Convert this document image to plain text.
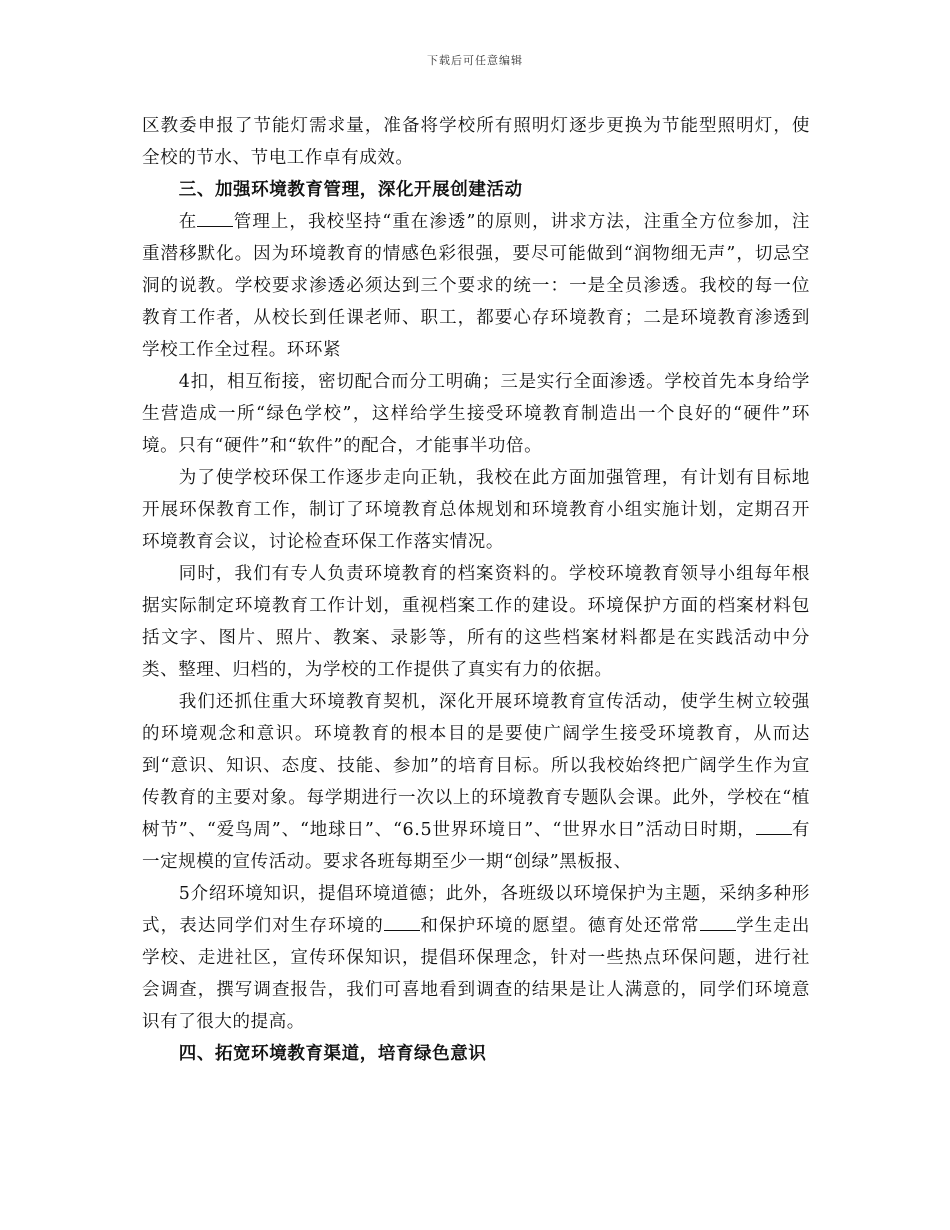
下载后可任意编辑

区教委申报了节能灯需求量，准备将学校所有照明灯逐步更换为节能型照明灯，使全校的节水、节电工作卓有成效。

三、加强环境教育管理，深化开展创建活动

在 管理上，我校坚持“重在渗透”的原则，讲求方法，注重全方位参加，注重潜移默化。因为环境教育的情感色彩很强，要尽可能做到“润物细无声”，切忌空洞的说教。学校要求渗透必须达到三个要求的统一：一是全员渗透。我校的每一位教育工作者，从校长到任课老师、职工，都要心存环境教育；二是环境教育渗透到学校工作全过程。环环紧

4扣，相互衔接，密切配合而分工明确；三是实行全面渗透。学校首先本身给学生营造成一所“绿色学校”，这样给学生接受环境教育制造出一个良好的“硬件”环境。只有“硬件”和“软件”的配合，才能事半功倍。

为了使学校环保工作逐步走向正轨，我校在此方面加强管理，有计划有目标地开展环保教育工作，制订了环境教育总体规划和环境教育小组实施计划，定期召开环境教育会议，讨论检查环保工作落实情况。

同时，我们有专人负责环境教育的档案资料的。学校环境教育领导小组每年根据实际制定环境教育工作计划，重视档案工作的建设。环境保护方面的档案材料包括文字、图片、照片、教案、录影等，所有的这些档案材料都是在实践活动中分类、整理、归档的，为学校的工作提供了真实有力的依据。

我们还抓住重大环境教育契机，深化开展环境教育宣传活动，使学生树立较强的环境观念和意识。环境教育的根本目的是要使广阔学生接受环境教育，从而达到“意识、知识、态度、技能、参加”的培育目标。所以我校始终把广阔学生作为宣传教育的主要对象。每学期进行一次以上的环境教育专题队会课。此外，学校在“植树节”、“爱鸟周”、“地球日”、“6.5世界环境日”、“世界水日”活动日时期， 有一定规模的宣传活动。要求各班每期至少一期“创绿”黑板报、

5介绍环境知识，提倡环境道德；此外，各班级以环境保护为主题，采纳多种形式，表达同学们对生存环境的 和保护环境的愿望。德育处还常常 学生走出学校、走进社区，宣传环保知识，提倡环保理念，针对一些热点环保问题，进行社会调查，撰写调查报告，我们可喜地看到调查的结果是让人满意的，同学们环境意识有了很大的提高。

四、拓宽环境教育渠道，培育绿色意识
